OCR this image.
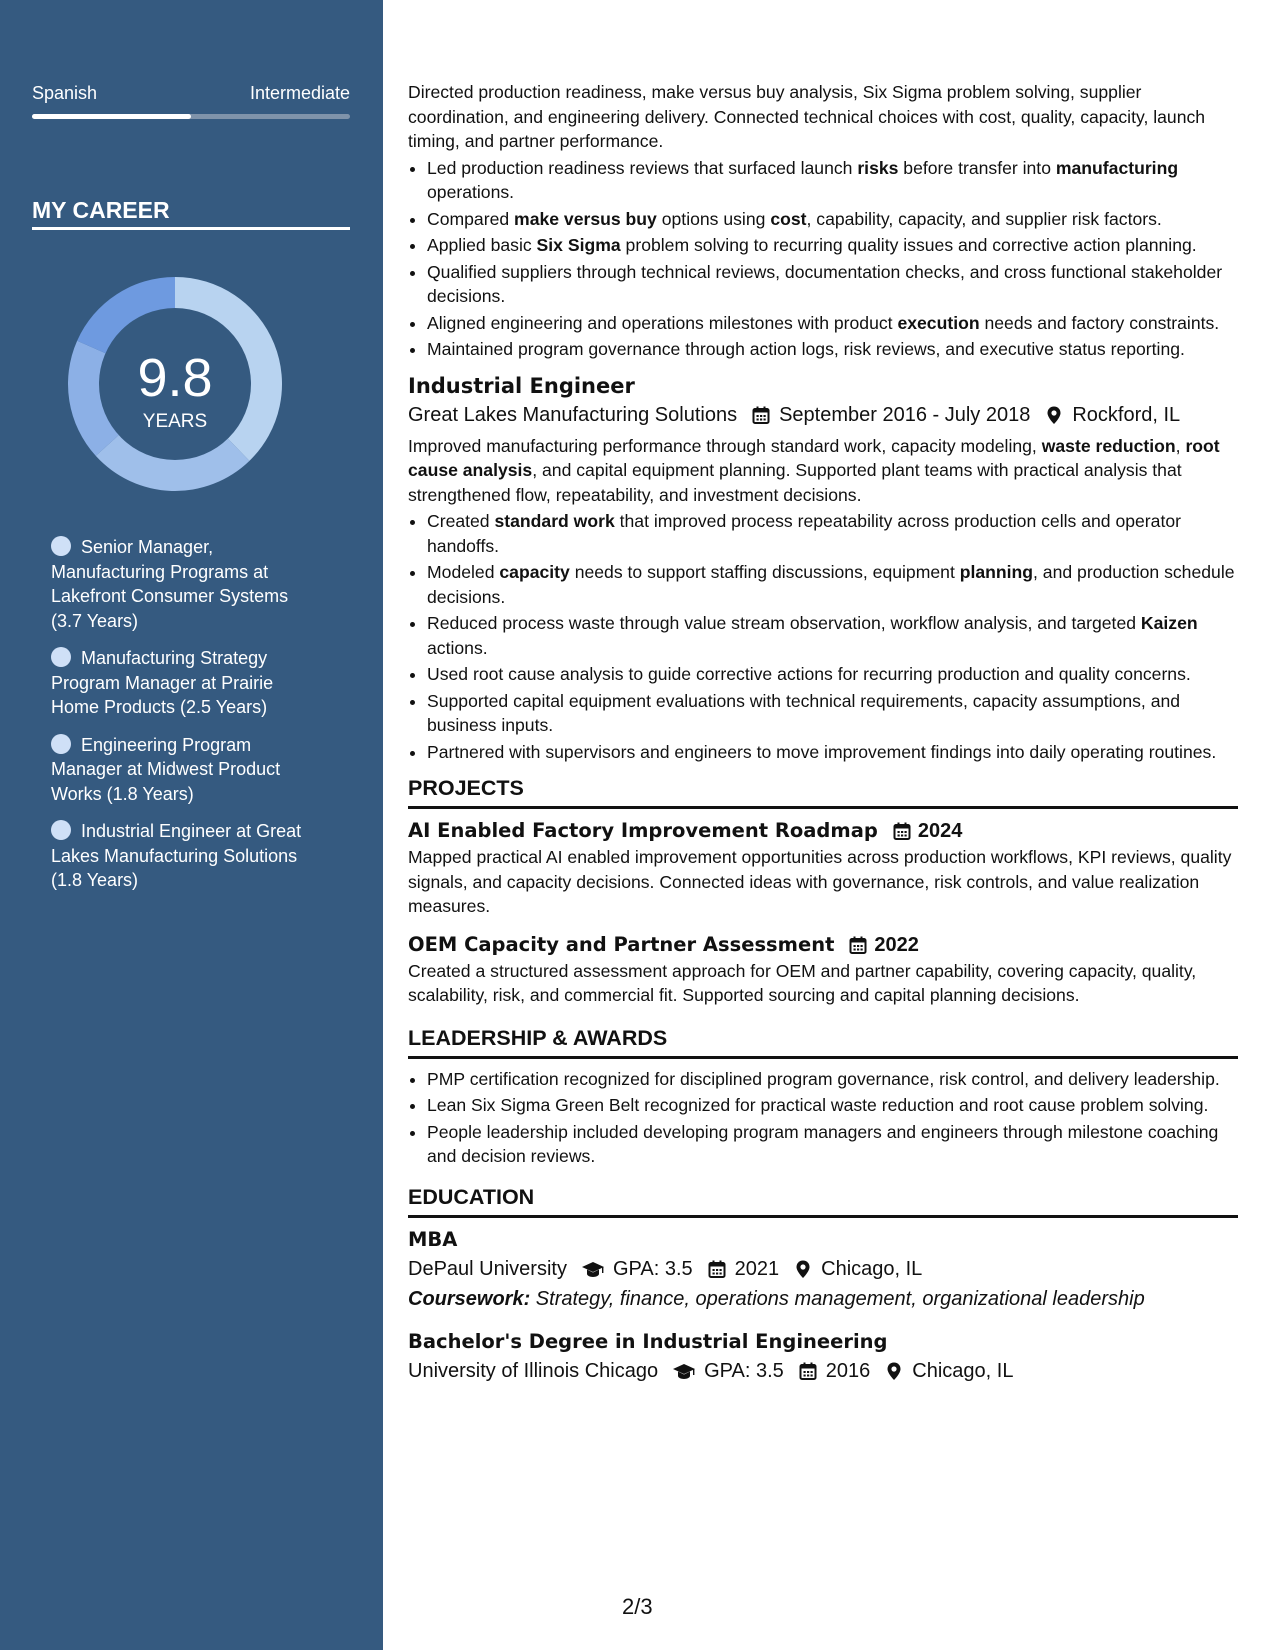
Spanish	Intermediate
MY CAREER
9.8
YEARS
Senior Manager, Manufacturing Programs at Lakefront Consumer Systems (3.7 Years)
Manufacturing Strategy Program Manager at Prairie Home Products (2.5 Years)
Engineering Program Manager at Midwest Product Works (1.8 Years)
Industrial Engineer at Great Lakes Manufacturing Solutions (1.8 Years)

Directed production readiness, make versus buy analysis, Six Sigma problem solving, supplier coordination, and engineering delivery. Connected technical choices with cost, quality, capacity, launch timing, and partner performance.

• Led production readiness reviews that surfaced launch risks before transfer into manufacturing operations.
• Compared make versus buy options using cost, capability, capacity, and supplier risk factors.
• Applied basic Six Sigma problem solving to recurring quality issues and corrective action planning.
• Qualified suppliers through technical reviews, documentation checks, and cross functional stakeholder decisions.
• Aligned engineering and operations milestones with product execution needs and factory constraints.
• Maintained program governance through action logs, risk reviews, and executive status reporting.
Industrial Engineer
Great Lakes Manufacturing Solutions September 2016 - July 2018 Rockford, IL

Improved manufacturing performance through standard work, capacity modeling, waste reduction, root cause analysis, and capital equipment planning. Supported plant teams with practical analysis that strengthened flow, repeatability, and investment decisions.

• Created standard work that improved process repeatability across production cells and operator handoffs.
• Modeled capacity needs to support staffing discussions, equipment planning, and production schedule decisions.
• Reduced process waste through value stream observation, workflow analysis, and targeted Kaizen actions.
• Used root cause analysis to guide corrective actions for recurring production and quality concerns.
• Supported capital equipment evaluations with technical requirements, capacity assumptions, and business inputs.
• Partnered with supervisors and engineers to move improvement findings into daily operating routines.
PROJECTS
AI Enabled Factory Improvement Roadmap 2024

Mapped practical AI enabled improvement opportunities across production workflows, KPI reviews, quality signals, and capacity decisions. Connected ideas with governance, risk controls, and value realization measures.

OEM Capacity and Partner Assessment 2022

Created a structured assessment approach for OEM and partner capability, covering capacity, quality, scalability, risk, and commercial fit. Supported sourcing and capital planning decisions.

LEADERSHIP & AWARDS
• PMP certification recognized for disciplined program governance, risk control, and delivery leadership.
• Lean Six Sigma Green Belt recognized for practical waste reduction and root cause problem solving.
• People leadership included developing program managers and engineers through milestone coaching and decision reviews.
EDUCATION
MBA
DePaul University GPA: 3.5 2021 Chicago, IL
Coursework: Strategy, finance, operations management, organizational leadership
Bachelor's Degree in Industrial Engineering
University of Illinois Chicago GPA: 3.5 2016 Chicago, IL
2/3
